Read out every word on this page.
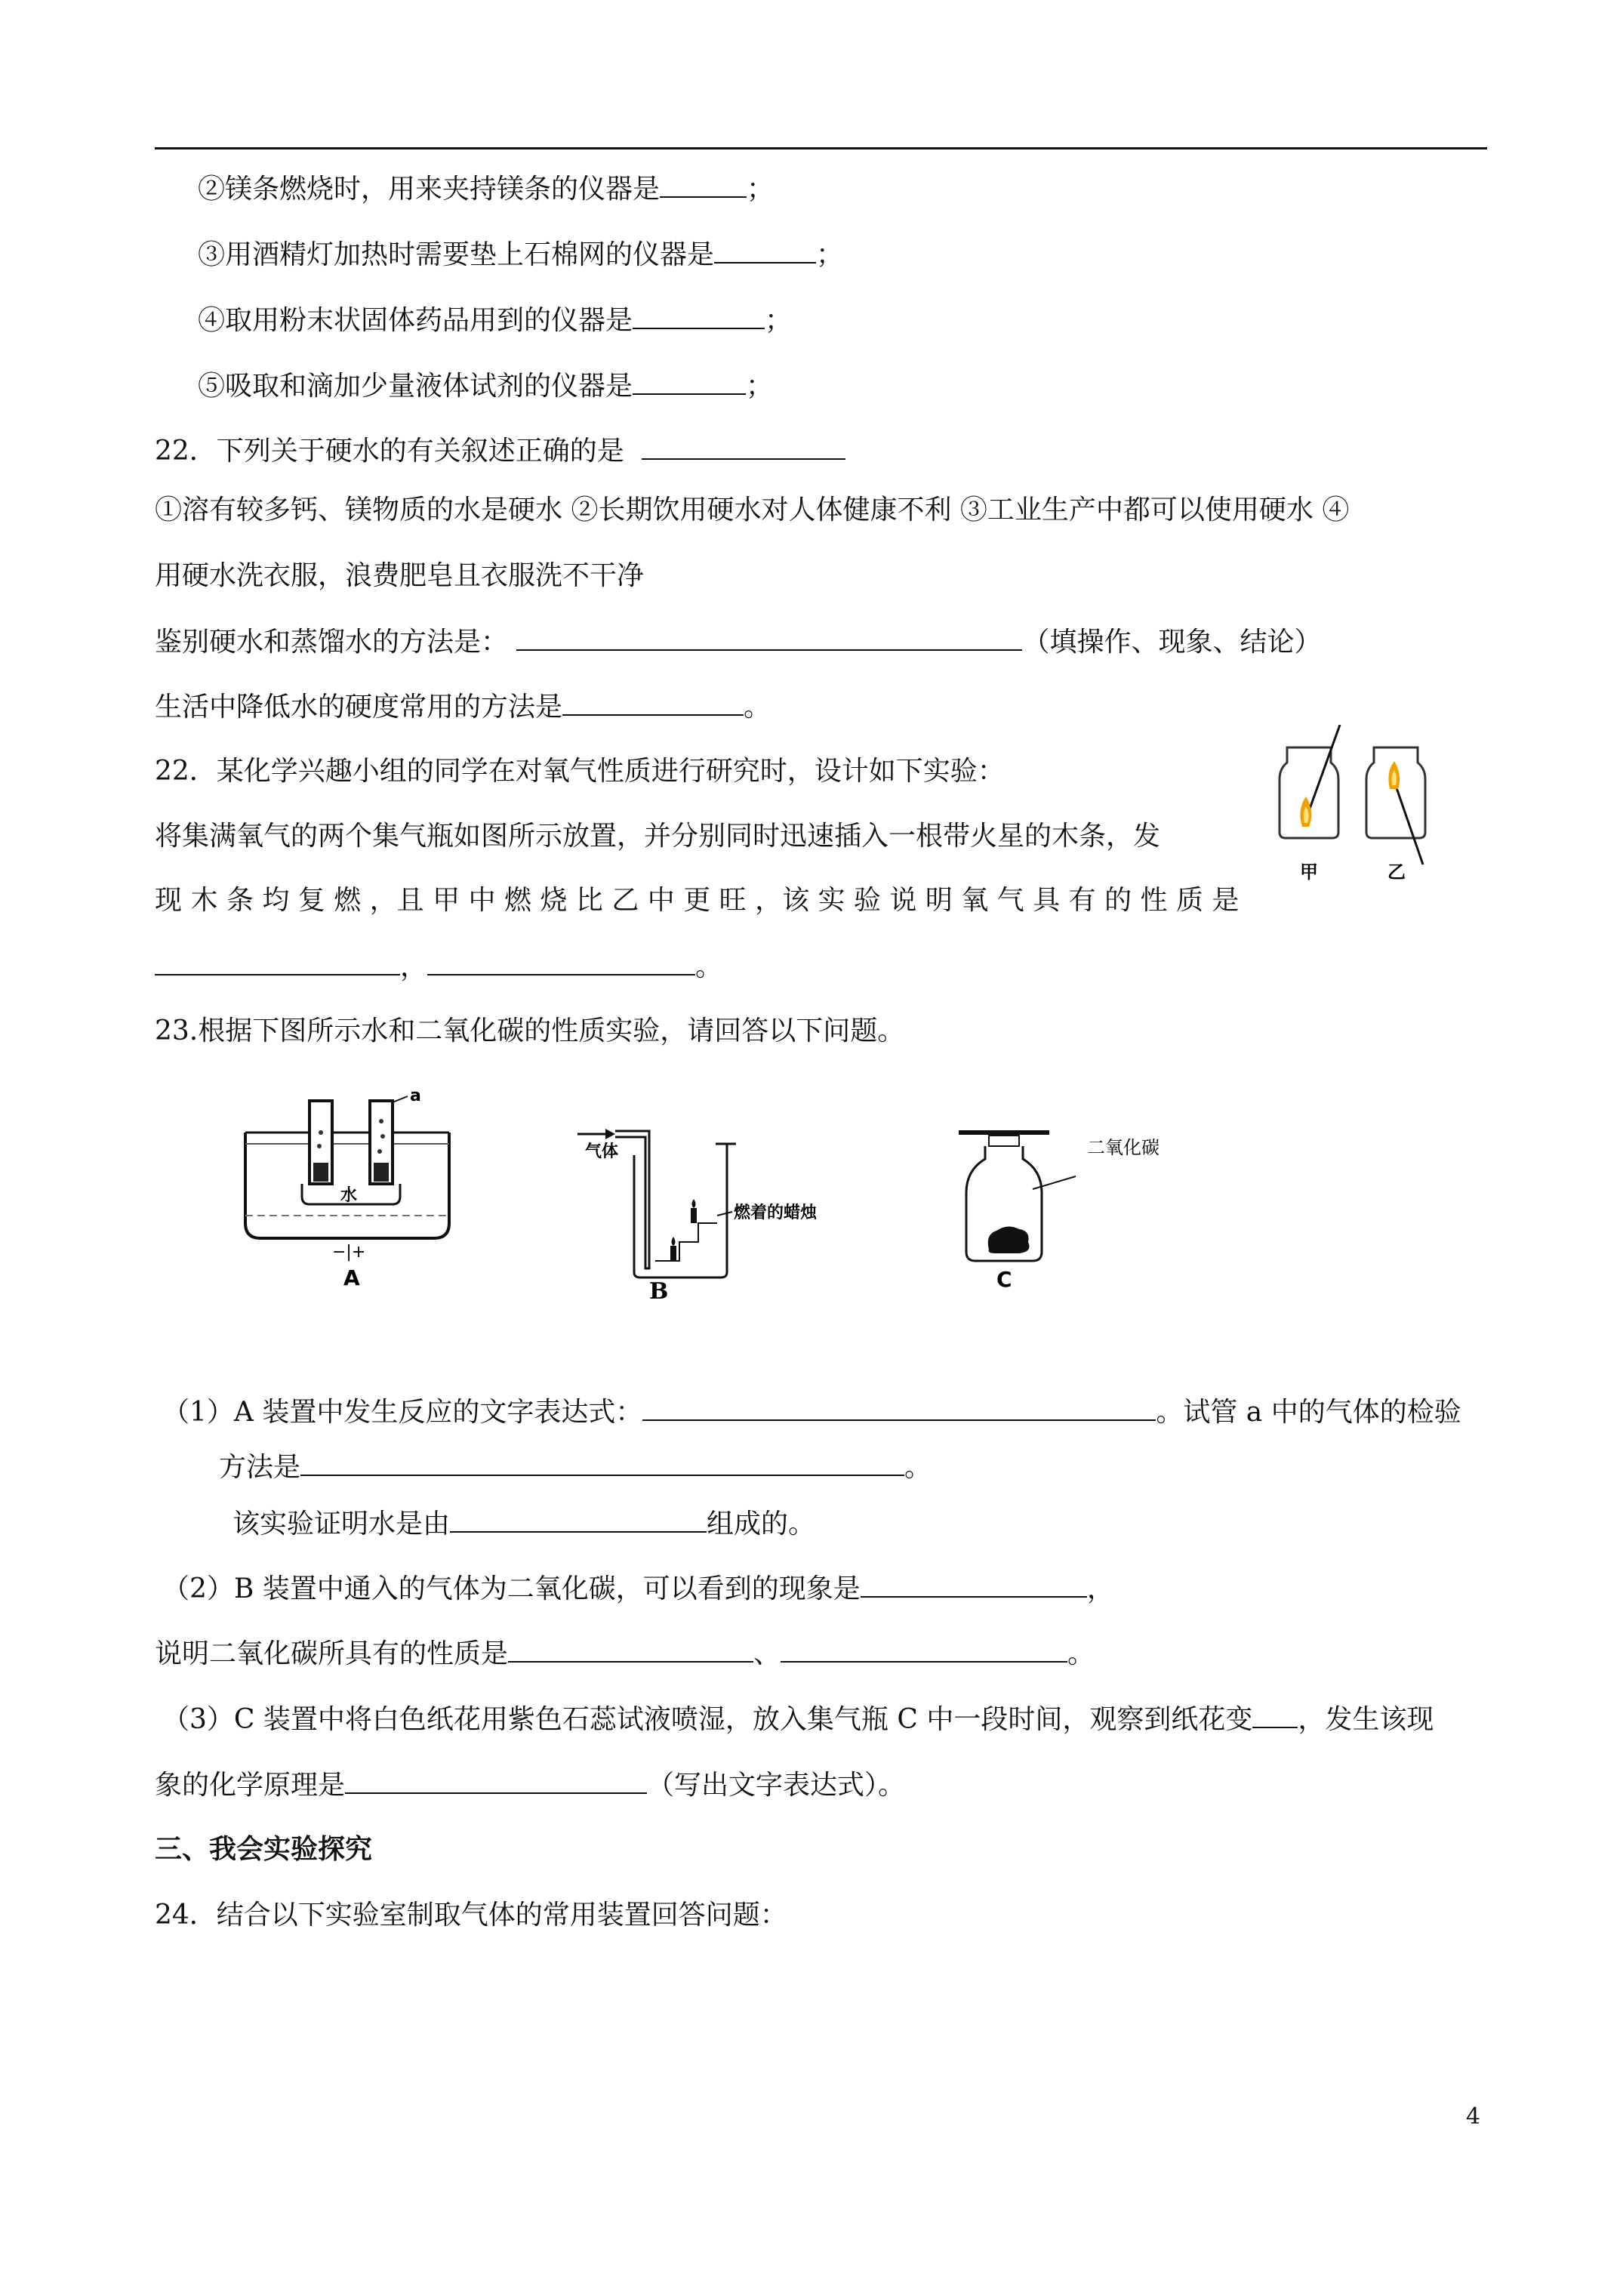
②镁条燃烧时，用来夹持镁条的仪器是	；
③用酒精灯加热时需要垫上石棉网的仪器是	；
④取用粉末状固体药品用到的仪器是	；
⑤吸取和滴加少量液体试剂的仪器是	；
22．下列关于硬水的有关叙述正确的是
①溶有较多钙、镁物质的水是硬水 ②长期饮用硬水对人体健康不利 ③工业生产中都可以使用硬水 ④
用硬水洗衣服，浪费肥皂且衣服洗不干净
鉴别硬水和蒸馏水的方法是：	（填操作、现象、结论）
生活中降低水的硬度常用的方法是	。
22．某化学兴趣小组的同学在对氧气性质进行研究时，设计如下实验：
将集满氧气的两个集气瓶如图所示放置，并分别同时迅速插入一根带火星的木条，发
现 木 条 均 复 燃 ，且 甲 中 燃 烧 比 乙 中 更 旺 ，该 实 验 说 明 氧 气 具 有 的 性 质 是
，	。
甲	乙
23.根据下图所示水和二氧化碳的性质实验，请回答以下问题。
a
水
−|+
A
气体
燃着的蜡烛
B
二氧化碳
C
（1）A 装置中发生反应的文字表达式：	。试管 a 中的气体的检验
方法是	。
该实验证明水是由	组成的。
（2）B 装置中通入的气体为二氧化碳，可以看到的现象是	，
说明二氧化碳所具有的性质是	、	。
（3）C 装置中将白色纸花用紫色石蕊试液喷湿，放入集气瓶 C 中一段时间，观察到纸花变 ，发生该现
象的化学原理是	（写出文字表达式）。
三、我会实验探究
24．结合以下实验室制取气体的常用装置回答问题：
4
